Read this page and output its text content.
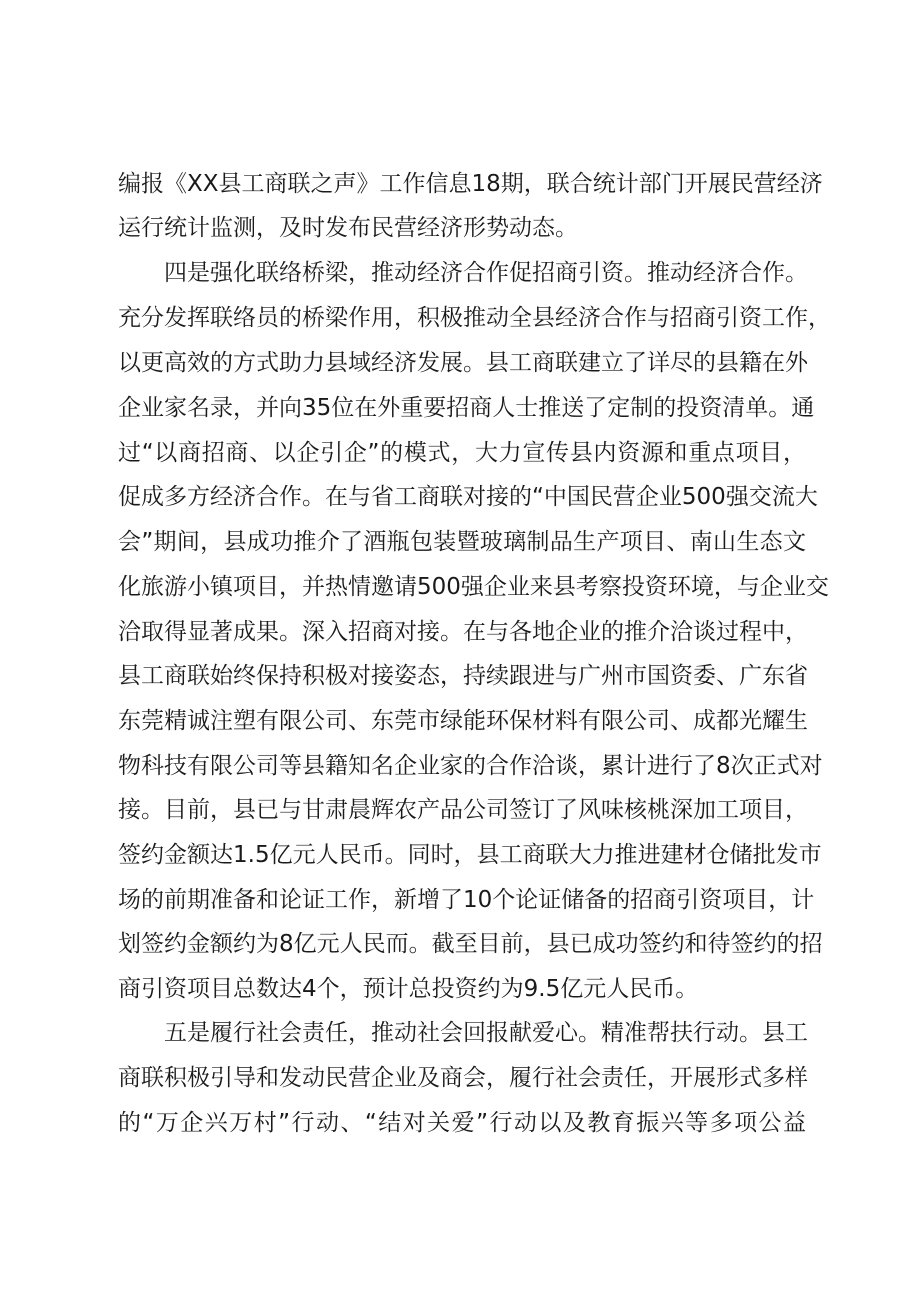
编报《XX县工商联之声》工作信息18期，联合统计部门开展民营经济
运行统计监测，及时发布民营经济形势动态。
四是强化联络桥梁，推动经济合作促招商引资。推动经济合作。
充分发挥联络员的桥梁作用，积极推动全县经济合作与招商引资工作，
以更高效的方式助力县域经济发展。县工商联建立了详尽的县籍在外
企业家名录，并向35位在外重要招商人士推送了定制的投资清单。通
过“以商招商、以企引企”的模式，大力宣传县内资源和重点项目，
促成多方经济合作。在与省工商联对接的“中国民营企业500强交流大
会”期间，县成功推介了酒瓶包装暨玻璃制品生产项目、南山生态文
化旅游小镇项目，并热情邀请500强企业来县考察投资环境，与企业交
洽取得显著成果。深入招商对接。在与各地企业的推介洽谈过程中，
县工商联始终保持积极对接姿态，持续跟进与广州市国资委、广东省
东莞精诚注塑有限公司、东莞市绿能环保材料有限公司、成都光耀生
物科技有限公司等县籍知名企业家的合作洽谈，累计进行了8次正式对
接。目前，县已与甘肃晨辉农产品公司签订了风味核桃深加工项目，
签约金额达1.5亿元人民币。同时，县工商联大力推进建材仓储批发市
场的前期准备和论证工作，新增了10个论证储备的招商引资项目，计
划签约金额约为8亿元人民而。截至目前，县已成功签约和待签约的招
商引资项目总数达4个，预计总投资约为9.5亿元人民币。
五是履行社会责任，推动社会回报献爱心。精准帮扶行动。县工
商联积极引导和发动民营企业及商会，履行社会责任，开展形式多样
的“万企兴万村”行动、“结对关爱”行动以及教育振兴等多项公益
